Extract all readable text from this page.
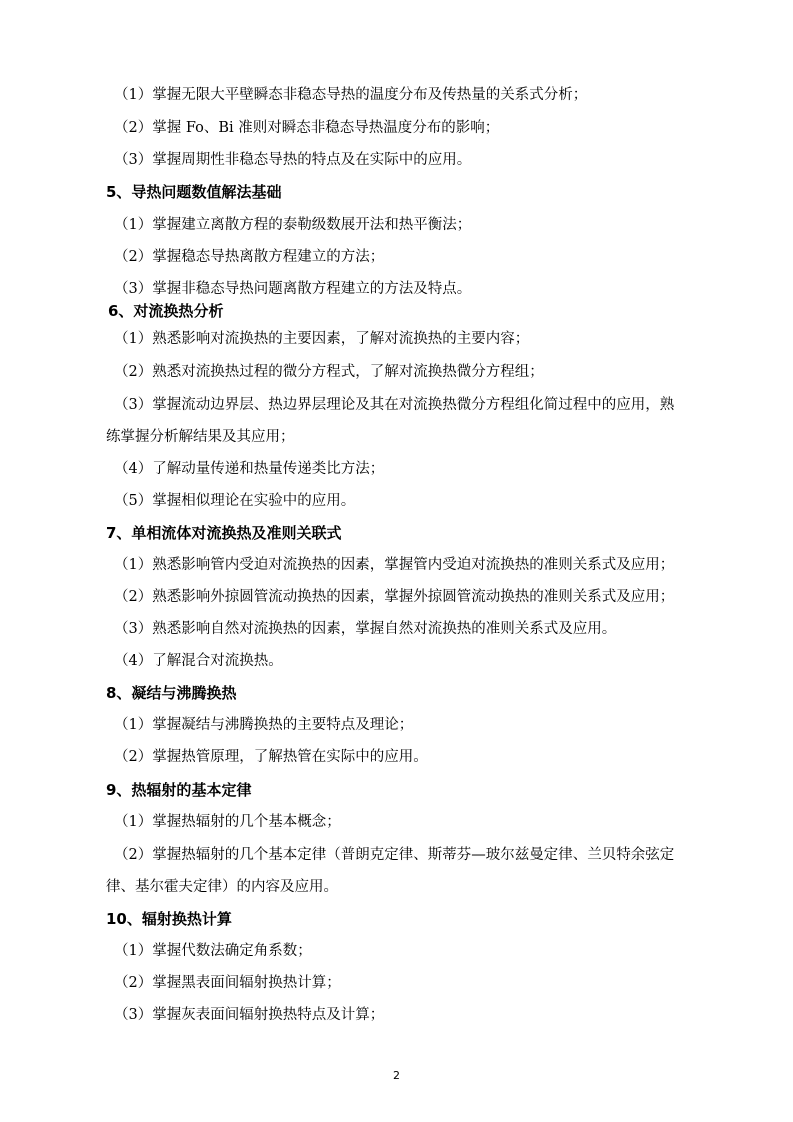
（1）掌握无限大平壁瞬态非稳态导热的温度分布及传热量的关系式分析；
（2）掌握 Fo、Bi 准则对瞬态非稳态导热温度分布的影响；
（3）掌握周期性非稳态导热的特点及在实际中的应用。
5、导热问题数值解法基础
（1）掌握建立离散方程的泰勒级数展开法和热平衡法；
（2）掌握稳态导热离散方程建立的方法；
（3）掌握非稳态导热问题离散方程建立的方法及特点。
6、对流换热分析
（1）熟悉影响对流换热的主要因素，了解对流换热的主要内容；
（2）熟悉对流换热过程的微分方程式，了解对流换热微分方程组；
（3）掌握流动边界层、热边界层理论及其在对流换热微分方程组化简过程中的应用，熟
练掌握分析解结果及其应用；
（4）了解动量传递和热量传递类比方法；
（5）掌握相似理论在实验中的应用。
7、单相流体对流换热及准则关联式
（1）熟悉影响管内受迫对流换热的因素，掌握管内受迫对流换热的准则关系式及应用；
（2）熟悉影响外掠圆管流动换热的因素，掌握外掠圆管流动换热的准则关系式及应用；
（3）熟悉影响自然对流换热的因素，掌握自然对流换热的准则关系式及应用。
（4）了解混合对流换热。
8、凝结与沸腾换热
（1）掌握凝结与沸腾换热的主要特点及理论；
（2）掌握热管原理，了解热管在实际中的应用。
9、热辐射的基本定律
（1）掌握热辐射的几个基本概念；
（2）掌握热辐射的几个基本定律（普朗克定律、斯蒂芬—玻尔兹曼定律、兰贝特余弦定
律、基尔霍夫定律）的内容及应用。
10、辐射换热计算
（1）掌握代数法确定角系数；
（2）掌握黑表面间辐射换热计算；
（3）掌握灰表面间辐射换热特点及计算；
2
